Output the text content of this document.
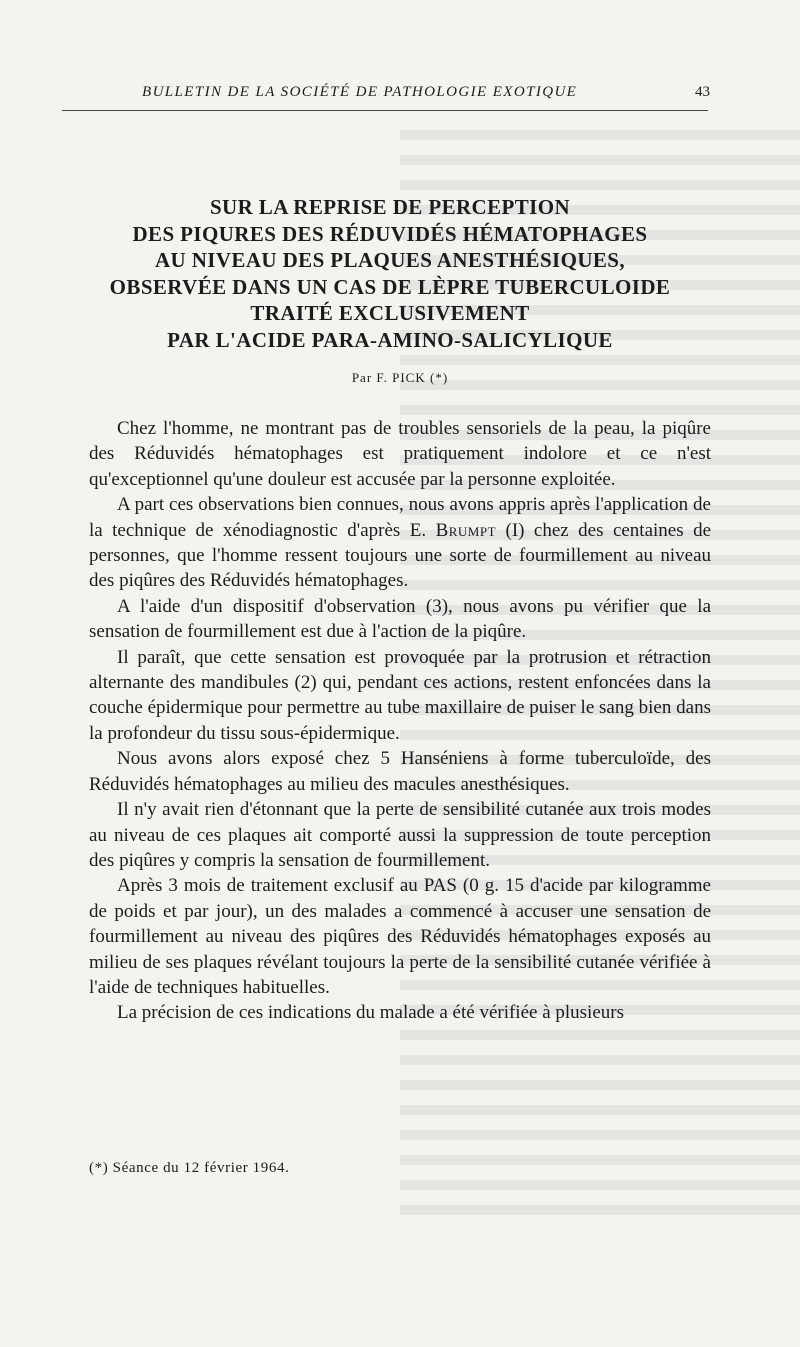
BULLETIN DE LA SOCIÉTÉ DE PATHOLOGIE EXOTIQUE	43
SUR LA REPRISE DE PERCEPTION
DES PIQURES DES RÉDUVIDÉS HÉMATOPHAGES
AU NIVEAU DES PLAQUES ANESTHÉSIQUES,
OBSERVÉE DANS UN CAS DE LÈPRE TUBERCULOIDE
TRAITÉ EXCLUSIVEMENT
PAR L'ACIDE PARA-AMINO-SALICYLIQUE
Par F. PICK (*)

Chez l'homme, ne montrant pas de troubles sensoriels de la peau, la piqûre des Réduvidés hématophages est pratiquement indolore et ce n'est qu'exceptionnel qu'une douleur est accusée par la personne exploitée.

A part ces observations bien connues, nous avons appris après l'application de la technique de xénodiagnostic d'après E. Brumpt (I) chez des centaines de personnes, que l'homme ressent toujours une sorte de fourmillement au niveau des piqûres des Réduvidés hématophages.

A l'aide d'un dispositif d'observation (3), nous avons pu vérifier que la sensation de fourmillement est due à l'action de la piqûre.

Il paraît, que cette sensation est provoquée par la protrusion et rétraction alternante des mandibules (2) qui, pendant ces actions, restent enfoncées dans la couche épidermique pour permettre au tube maxillaire de puiser le sang bien dans la profondeur du tissu sous-épidermique.

Nous avons alors exposé chez 5 Hanséniens à forme tuberculoïde, des Réduvidés hématophages au milieu des macules anesthésiques.

Il n'y avait rien d'étonnant que la perte de sensibilité cutanée aux trois modes au niveau de ces plaques ait comporté aussi la suppression de toute perception des piqûres y compris la sensation de fourmillement.

Après 3 mois de traitement exclusif au PAS (0 g. 15 d'acide par kilogramme de poids et par jour), un des malades a commencé à accuser une sensation de fourmillement au niveau des piqûres des Réduvidés hématophages exposés au milieu de ses plaques révélant toujours la perte de la sensibilité cutanée vérifiée à l'aide de techniques habituelles.

La précision de ces indications du malade a été vérifiée à plusieurs

(*) Séance du 12 février 1964.
